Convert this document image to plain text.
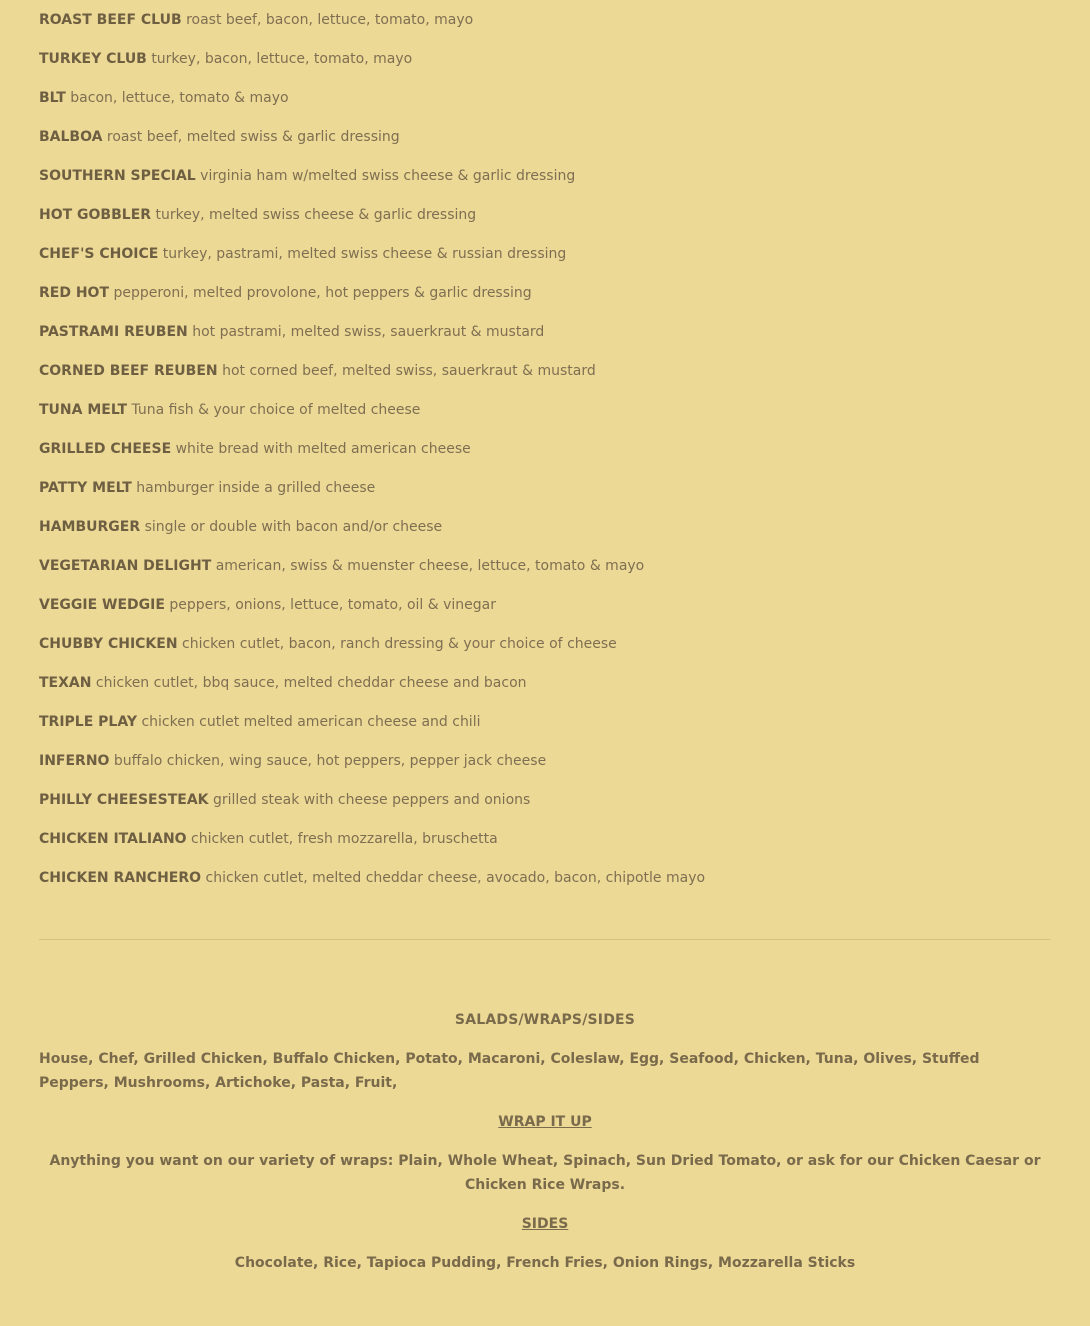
ROAST BEEF CLUB roast beef, bacon, lettuce, tomato, mayo
TURKEY CLUB turkey, bacon, lettuce, tomato, mayo
BLT bacon, lettuce, tomato & mayo
BALBOA roast beef, melted swiss & garlic dressing
SOUTHERN SPECIAL virginia ham w/melted swiss cheese & garlic dressing
HOT GOBBLER turkey, melted swiss cheese & garlic dressing
CHEF'S CHOICE turkey, pastrami, melted swiss cheese & russian dressing
RED HOT pepperoni, melted provolone, hot peppers & garlic dressing
PASTRAMI REUBEN hot pastrami, melted swiss, sauerkraut & mustard
CORNED BEEF REUBEN hot corned beef, melted swiss, sauerkraut & mustard
TUNA MELT Tuna fish & your choice of melted cheese
GRILLED CHEESE white bread with melted american cheese
PATTY MELT hamburger inside a grilled cheese
HAMBURGER single or double with bacon and/or cheese
VEGETARIAN DELIGHT american, swiss & muenster cheese, lettuce, tomato & mayo
VEGGIE WEDGIE peppers, onions, lettuce, tomato, oil & vinegar
CHUBBY CHICKEN chicken cutlet, bacon, ranch dressing & your choice of cheese
TEXAN chicken cutlet, bbq sauce, melted cheddar cheese and bacon
TRIPLE PLAY chicken cutlet melted american cheese and chili
INFERNO buffalo chicken, wing sauce, hot peppers, pepper jack cheese
PHILLY CHEESESTEAK grilled steak with cheese peppers and onions
CHICKEN ITALIANO chicken cutlet, fresh mozzarella, bruschetta
CHICKEN RANCHERO chicken cutlet, melted cheddar cheese, avocado, bacon, chipotle mayo
SALADS/WRAPS/SIDES
House, Chef, Grilled Chicken, Buffalo Chicken, Potato, Macaroni, Coleslaw, Egg, Seafood, Chicken, Tuna, Olives, Stuffed Peppers, Mushrooms, Artichoke, Pasta, Fruit,
WRAP IT UP
Anything you want on our variety of wraps: Plain, Whole Wheat, Spinach, Sun Dried Tomato, or ask for our Chicken Caesar or Chicken Rice Wraps.
SIDES
Chocolate, Rice, Tapioca Pudding, French Fries, Onion Rings, Mozzarella Sticks
